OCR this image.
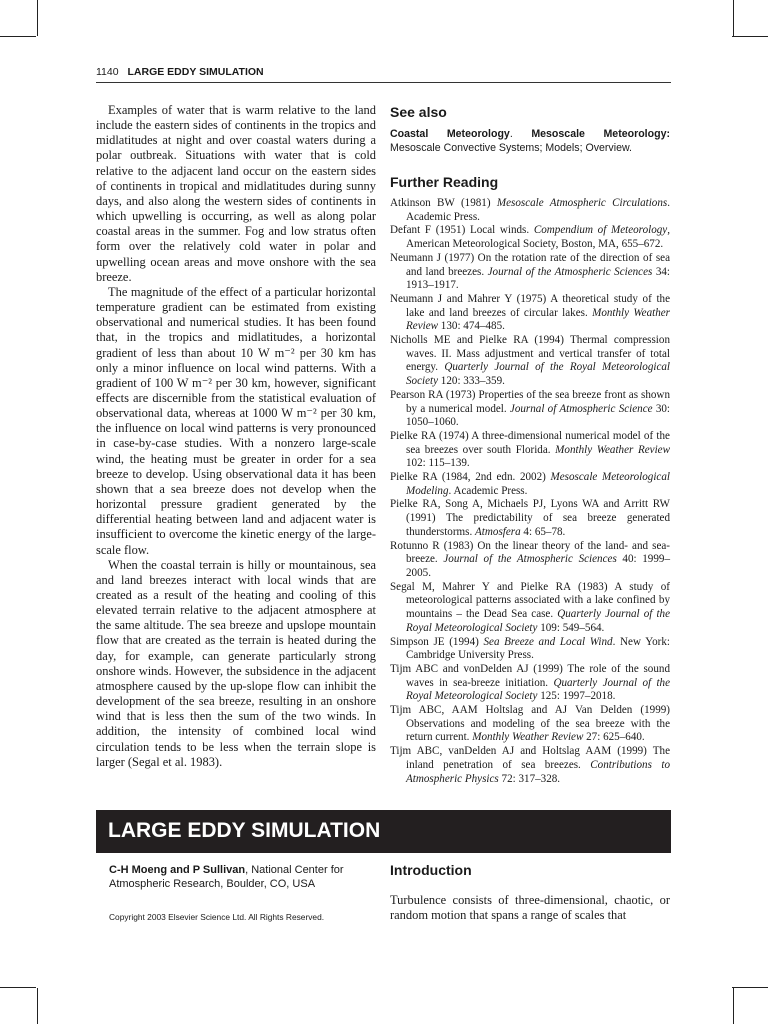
1140 LARGE EDDY SIMULATION

Examples of water that is warm relative to the land include the eastern sides of continents in the tropics and midlatitudes at night and over coastal waters during a polar outbreak. Situations with water that is cold relative to the adjacent land occur on the eastern sides of continents in tropical and midlatitudes during sunny days, and also along the western sides of continents in which upwelling is occurring, as well as along polar coastal areas in the summer. Fog and low stratus often form over the relatively cold water in polar and upwelling ocean areas and move onshore with the sea breeze.

The magnitude of the effect of a particular horizontal temperature gradient can be estimated from existing observational and numerical studies. It has been found that, in the tropics and midlatitudes, a horizontal gradient of less than about 10 W m⁻² per 30 km has only a minor influence on local wind patterns. With a gradient of 100 W m⁻² per 30 km, however, significant effects are discernible from the statistical evaluation of observational data, whereas at 1000 W m⁻² per 30 km, the influence on local wind patterns is very pronounced in case-by-case studies. With a nonzero large-scale wind, the heating must be greater in order for a sea breeze to develop. Using observational data it has been shown that a sea breeze does not develop when the horizontal pressure gradient generated by the differential heating between land and adjacent water is insufficient to overcome the kinetic energy of the large-scale flow.

When the coastal terrain is hilly or mountainous, sea and land breezes interact with local winds that are created as a result of the heating and cooling of this elevated terrain relative to the adjacent atmosphere at the same altitude. The sea breeze and upslope mountain flow that are created as the terrain is heated during the day, for example, can generate particularly strong onshore winds. However, the subsidence in the adjacent atmosphere caused by the up-slope flow can inhibit the development of the sea breeze, resulting in an onshore wind that is less then the sum of the two winds. In addition, the intensity of combined local wind circulation tends to be less when the terrain slope is larger (Segal et al. 1983).

See also

Coastal Meteorology. Mesoscale Meteorology: Mesoscale Convective Systems; Models; Overview.

Further Reading
Atkinson BW (1981) Mesoscale Atmospheric Circulations. Academic Press.
Defant F (1951) Local winds. Compendium of Meteorology, American Meteorological Society, Boston, MA, 655–672.
Neumann J (1977) On the rotation rate of the direction of sea and land breezes. Journal of the Atmospheric Sciences 34: 1913–1917.
Neumann J and Mahrer Y (1975) A theoretical study of the lake and land breezes of circular lakes. Monthly Weather Review 130: 474–485.
Nicholls ME and Pielke RA (1994) Thermal compression waves. II. Mass adjustment and vertical transfer of total energy. Quarterly Journal of the Royal Meteorological Society 120: 333–359.
Pearson RA (1973) Properties of the sea breeze front as shown by a numerical model. Journal of Atmospheric Science 30: 1050–1060.
Pielke RA (1974) A three-dimensional numerical model of the sea breezes over south Florida. Monthly Weather Review 102: 115–139.
Pielke RA (1984, 2nd edn. 2002) Mesoscale Meteorological Modeling. Academic Press.
Pielke RA, Song A, Michaels PJ, Lyons WA and Arritt RW (1991) The predictability of sea breeze generated thunderstorms. Atmosfera 4: 65–78.
Rotunno R (1983) On the linear theory of the land- and sea-breeze. Journal of the Atmospheric Sciences 40: 1999–2005.
Segal M, Mahrer Y and Pielke RA (1983) A study of meteorological patterns associated with a lake confined by mountains – the Dead Sea case. Quarterly Journal of the Royal Meteorological Society 109: 549–564.
Simpson JE (1994) Sea Breeze and Local Wind. New York: Cambridge University Press.
Tijm ABC and vonDelden AJ (1999) The role of the sound waves in sea-breeze initiation. Quarterly Journal of the Royal Meteorological Society 125: 1997–2018.
Tijm ABC, AAM Holtslag and AJ Van Delden (1999) Observations and modeling of the sea breeze with the return current. Monthly Weather Review 27: 625–640.
Tijm ABC, vanDelden AJ and Holtslag AAM (1999) The inland penetration of sea breezes. Contributions to Atmospheric Physics 72: 317–328.
LARGE EDDY SIMULATION
C-H Moeng and P Sullivan, National Center for Atmospheric Research, Boulder, CO, USA
Copyright 2003 Elsevier Science Ltd. All Rights Reserved.
Introduction
Turbulence consists of three-dimensional, chaotic, or random motion that spans a range of scales that
